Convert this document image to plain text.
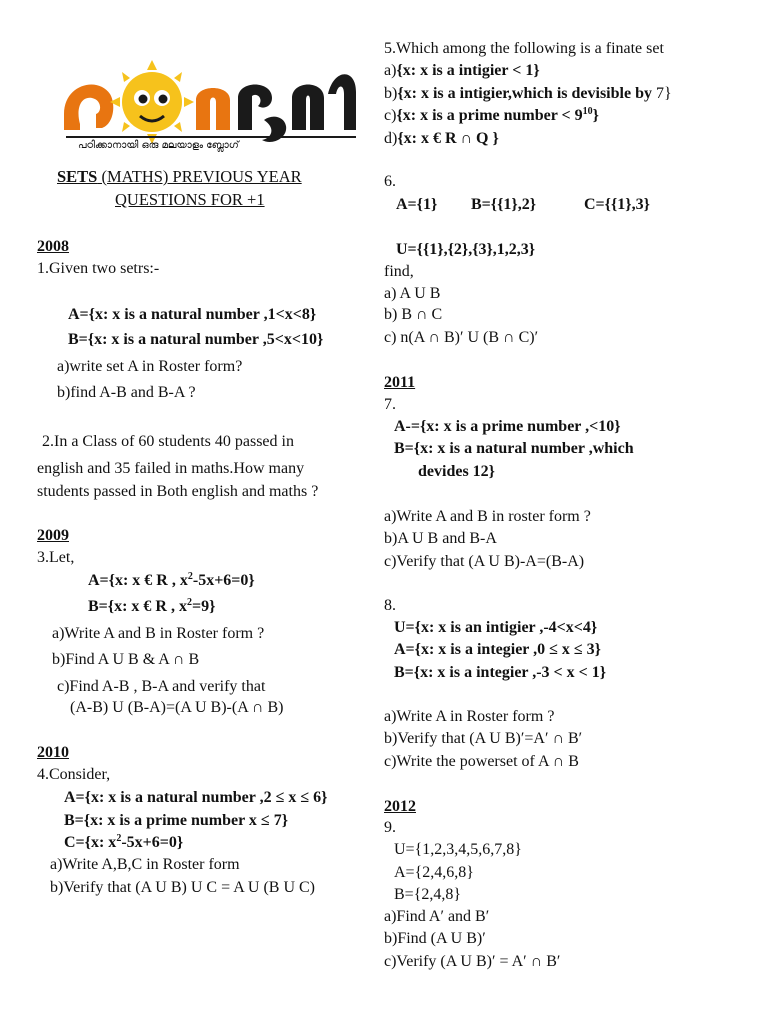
പഠിക്കാനായി ഒരു മലയാളം ബ്ലോഗ്
SETS (MATHS) PREVIOUS YEAR
QUESTIONS FOR +1
2008
1.Given two setrs:-
A={x: x is a natural number ,1<x<8}
B={x: x is a natural number ,5<x<10}
a)write set A in Roster form?
b)find A-B and B-A ?
2.In a Class of 60 students 40 passed in
english and 35 failed in maths.How many
students passed in Both english and maths ?
2009
3.Let,
A={x: x € R , $x^2-5x+6=0$}
B={x: x € R , $x^2=9$}
a)Write A and B in Roster form ?
b)Find A U B & A ∩ B
c)Find A-B , B-A and verify that
(A-B) U (B-A)=(A U B)-(A ∩ B)
2010
4.Consider,
A={x: x is a natural number ,2 ≤ x ≤ 6}
B={x: x is a prime number x ≤ 7}
C={x: $x^2-5x+6=0$}
a)Write A,B,C in Roster form
b)Verify that (A U B) U C = A U (B U C)
5.Which among the following is a finate set
a){x: x is a intigier < 1}
b){x: x is a intigier,which is devisible by 7}
c){x: x is a prime number < $9^{10}$}
d){x: x € R ∩ Q }
6.
A={1} B={{1},2}	C={{1},3}
U={{1},{2},{3},1,2,3}
find,
a) A U B
b) B ∩ C
c) n(A ∩ B)′ U (B ∩ C)′
2011
7.
A-={x: x is a prime number ,<10}
B={x: x is a natural number ,which
devides 12}
a)Write A and B in roster form ?
b)A U B and B-A
c)Verify that (A U B)-A=(B-A)
8.
U={x: x is an intigier ,-4<x<4}
A={x: x is a integier ,0 ≤ x ≤ 3}
B={x: x is a integier ,-3 < x < 1}
a)Write A in Roster form ?
b)Verify that (A U B)′=A′ ∩ B′
c)Write the powerset of A ∩ B
2012
9.
U={1,2,3,4,5,6,7,8}
A={2,4,6,8}
B={2,4,8}
a)Find A′ and B′
b)Find (A U B)′
c)Verify (A U B)′ = A′ ∩ B′
